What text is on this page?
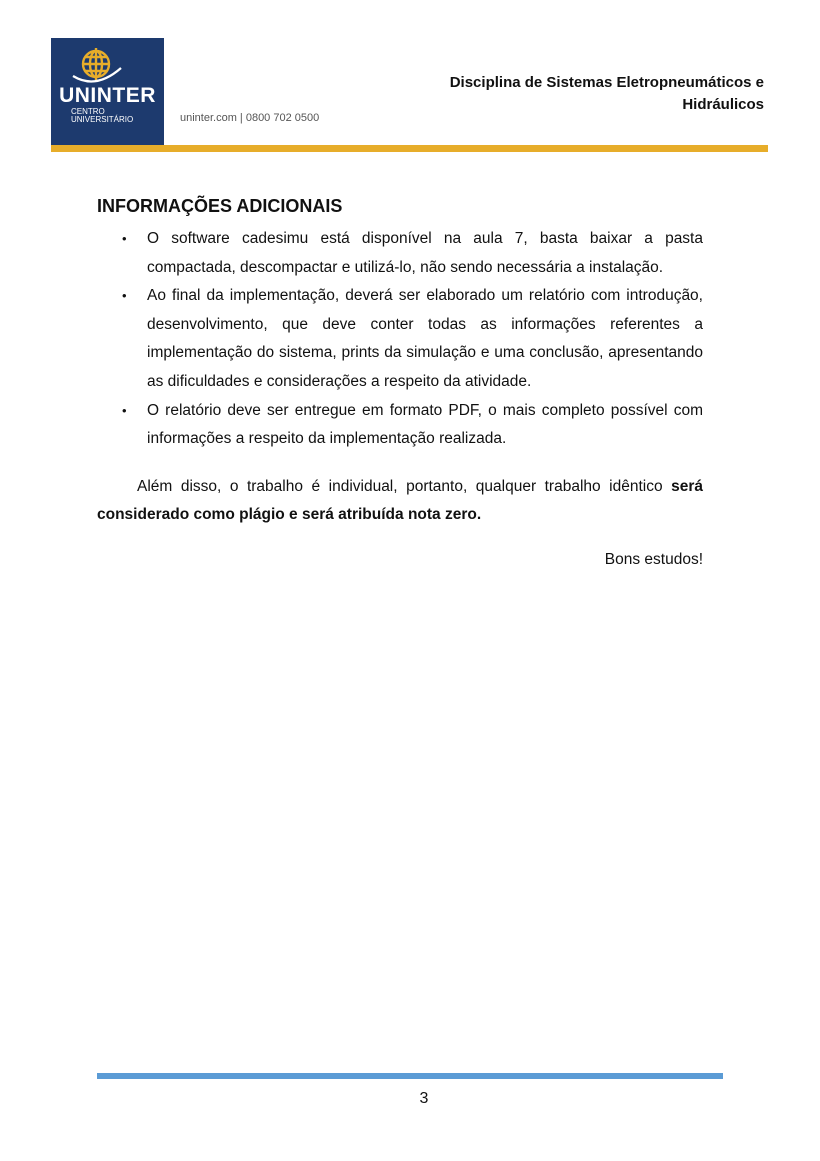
UNINTER
CENTRO
UNIVERSITÁRIO	uninter.com | 0800 702 0500
Disciplina de Sistemas Eletropneumáticos e Hidráulicos
INFORMAÇÕES ADICIONAIS
• O software cadesimu está disponível na aula 7, basta baixar a pasta compactada, descompactar e utilizá-lo, não sendo necessária a instalação.
• Ao final da implementação, deverá ser elaborado um relatório com introdução, desenvolvimento, que deve conter todas as informações referentes a implementação do sistema, prints da simulação e uma conclusão, apresentando as dificuldades e considerações a respeito da atividade.
• O relatório deve ser entregue em formato PDF, o mais completo possível com informações a respeito da implementação realizada.

Além disso, o trabalho é individual, portanto, qualquer trabalho idêntico será considerado como plágio e será atribuída nota zero.

Bons estudos!
3
